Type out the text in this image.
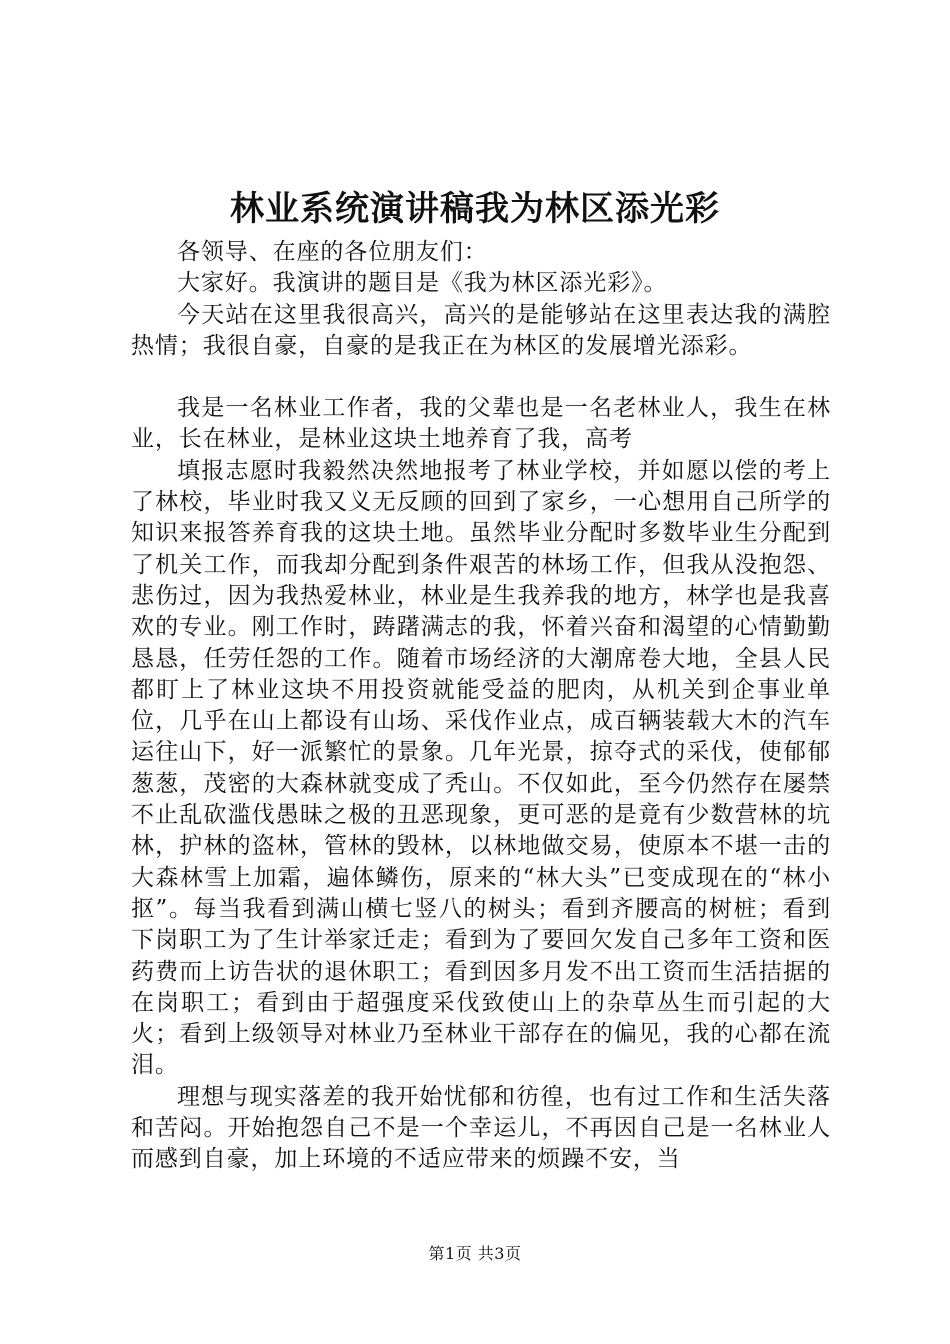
林业系统演讲稿我为林区添光彩

各领导、在座的各位朋友们：

大家好。我演讲的题目是《我为林区添光彩》。

今天站在这里我很高兴，高兴的是能够站在这里表达我的满腔热情；我很自豪，自豪的是我正在为林区的发展增光添彩。

我是一名林业工作者，我的父辈也是一名老林业人，我生在林业，长在林业，是林业这块土地养育了我，高考

填报志愿时我毅然决然地报考了林业学校，并如愿以偿的考上了林校，毕业时我又义无反顾的回到了家乡，一心想用自己所学的知识来报答养育我的这块土地。虽然毕业分配时多数毕业生分配到了机关工作，而我却分配到条件艰苦的林场工作，但我从没抱怨、悲伤过，因为我热爱林业，林业是生我养我的地方，林学也是我喜欢的专业。刚工作时，踌躇满志的我，怀着兴奋和渴望的心情勤勤恳恳，任劳任怨的工作。随着市场经济的大潮席卷大地，全县人民都盯上了林业这块不用投资就能受益的肥肉，从机关到企事业单位，几乎在山上都设有山场、采伐作业点，成百辆装载大木的汽车运往山下，好一派繁忙的景象。几年光景，掠夺式的采伐，使郁郁葱葱，茂密的大森林就变成了秃山。不仅如此，至今仍然存在屡禁不止乱砍滥伐愚昧之极的丑恶现象，更可恶的是竟有少数营林的坑林，护林的盗林，管林的毁林，以林地做交易，使原本不堪一击的大森林雪上加霜，遍体鳞伤，原来的“林大头”已变成现在的“林小抠”。每当我看到满山横七竖八的树头；看到齐腰高的树桩；看到下岗职工为了生计举家迁走；看到为了要回欠发自己多年工资和医药费而上访告状的退休职工；看到因多月发不出工资而生活拮据的在岗职工；看到由于超强度采伐致使山上的杂草丛生而引起的大火；看到上级领导对林业乃至林业干部存在的偏见，我的心都在流泪。

理想与现实落差的我开始忧郁和彷徨，也有过工作和生活失落和苦闷。开始抱怨自己不是一个幸运儿，不再因自己是一名林业人而感到自豪，加上环境的不适应带来的烦躁不安，当

第1页 共3页
